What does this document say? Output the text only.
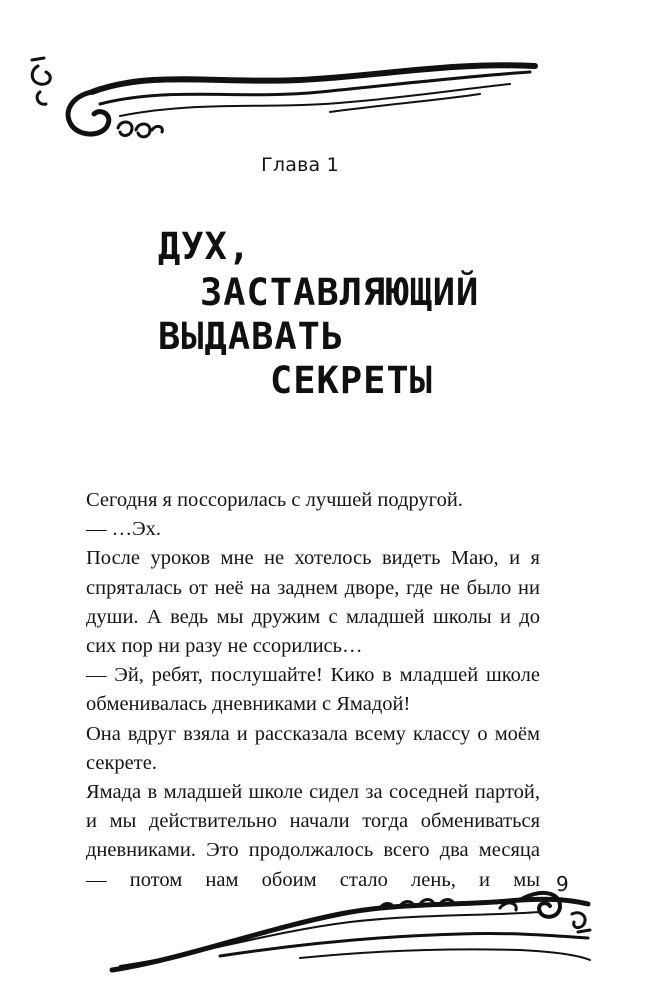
Глава 1
ДУХ,
ЗАСТАВЛЯЮЩИЙ
ВЫДАВАТЬ
СЕКРЕТЫ

Сегодня я поссорилась с лучшей подругой.

— …Эх.

После уроков мне не хотелось видеть Маю, и я спряталась от неё на заднем дворе, где не было ни души. А ведь мы дружим с младшей школы и до сих пор ни разу не ссорились…

— Эй, ребят, послушайте! Кико в младшей школе обменивалась дневниками с Ямадой!

Она вдруг взяла и рассказала всему классу о моём секрете.

Ямада в младшей школе сидел за соседней партой, и мы действительно начали тогда обмениваться дневниками. Это продолжалось всего два месяца — потом нам обоим стало лень, и мы 9
